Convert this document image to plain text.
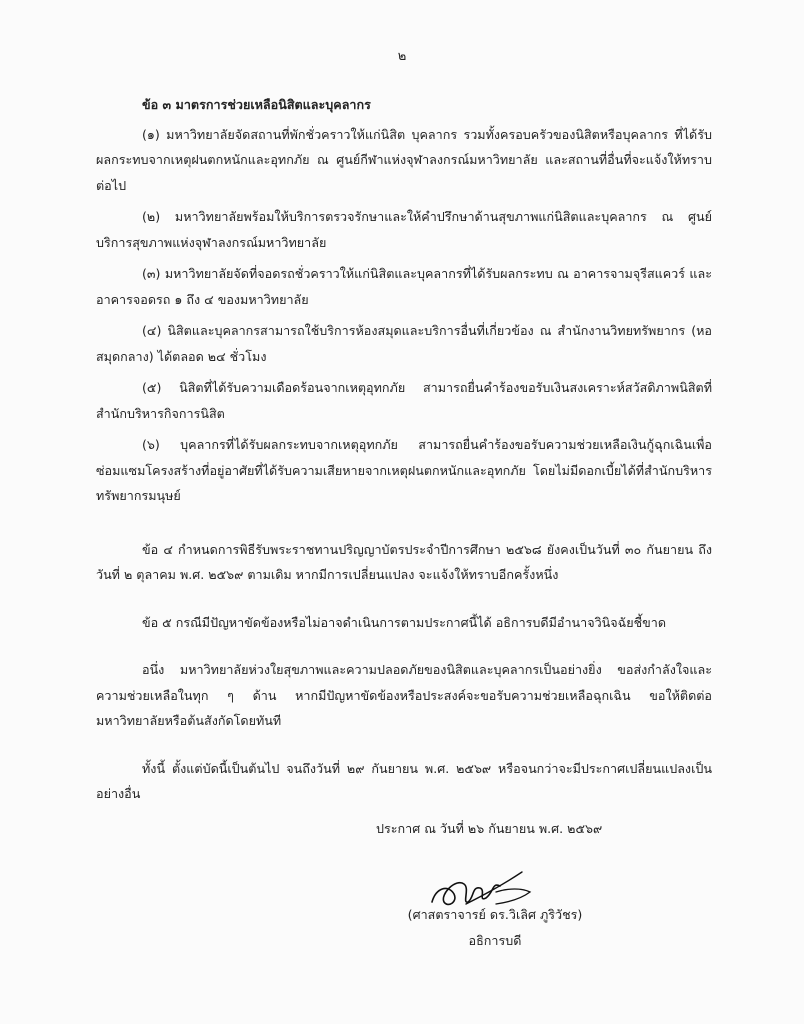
๒
ข้อ ๓ มาตรการช่วยเหลือนิสิตและบุคลากร

(๑) มหาวิทยาลัยจัดสถานที่พักชั่วคราวให้แก่นิสิต บุคลากร รวมทั้งครอบครัวของนิสิตหรือบุคลากร ที่ได้รับผลกระทบจากเหตุฝนตกหนักและอุทกภัย ณ ศูนย์กีฬาแห่งจุฬาลงกรณ์มหาวิทยาลัย และสถานที่อื่นที่จะแจ้งให้ทราบต่อไป

(๒) มหาวิทยาลัยพร้อมให้บริการตรวจรักษาและให้คำปรึกษาด้านสุขภาพแก่นิสิตและบุคลากร ณ ศูนย์บริการสุขภาพแห่งจุฬาลงกรณ์มหาวิทยาลัย

(๓) มหาวิทยาลัยจัดที่จอดรถชั่วคราวให้แก่นิสิตและบุคลากรที่ได้รับผลกระทบ ณ อาคารจามจุรีสแควร์ และอาคารจอดรถ ๑ ถึง ๔ ของมหาวิทยาลัย

(๔) นิสิตและบุคลากรสามารถใช้บริการห้องสมุดและบริการอื่นที่เกี่ยวข้อง ณ สำนักงานวิทยทรัพยากร (หอสมุดกลาง) ได้ตลอด ๒๔ ชั่วโมง

(๕) นิสิตที่ได้รับความเดือดร้อนจากเหตุอุทกภัย สามารถยื่นคำร้องขอรับเงินสงเคราะห์สวัสดิภาพนิสิตที่สำนักบริหารกิจการนิสิต

(๖) บุคลากรที่ได้รับผลกระทบจากเหตุอุทกภัย สามารถยื่นคำร้องขอรับความช่วยเหลือเงินกู้ฉุกเฉินเพื่อซ่อมแซมโครงสร้างที่อยู่อาศัยที่ได้รับความเสียหายจากเหตุฝนตกหนักและอุทกภัย โดยไม่มีดอกเบี้ยได้ที่สำนักบริหารทรัพยากรมนุษย์

ข้อ ๔ กำหนดการพิธีรับพระราชทานปริญญาบัตรประจำปีการศึกษา ๒๕๖๘ ยังคงเป็นวันที่ ๓๐ กันยายน ถึงวันที่ ๒ ตุลาคม พ.ศ. ๒๕๖๙ ตามเดิม หากมีการเปลี่ยนแปลง จะแจ้งให้ทราบอีกครั้งหนึ่ง

ข้อ ๕ กรณีมีปัญหาขัดข้องหรือไม่อาจดำเนินการตามประกาศนี้ได้ อธิการบดีมีอำนาจวินิจฉัยชี้ขาด

อนึ่ง มหาวิทยาลัยห่วงใยสุขภาพและความปลอดภัยของนิสิตและบุคลากรเป็นอย่างยิ่ง ขอส่งกำลังใจและความช่วยเหลือในทุก ๆ ด้าน หากมีปัญหาขัดข้องหรือประสงค์จะขอรับความช่วยเหลือฉุกเฉิน ขอให้ติดต่อมหาวิทยาลัยหรือต้นสังกัดโดยทันที

ทั้งนี้ ตั้งแต่บัดนี้เป็นต้นไป จนถึงวันที่ ๒๙ กันยายน พ.ศ. ๒๕๖๙ หรือจนกว่าจะมีประกาศเปลี่ยนแปลงเป็นอย่างอื่น

ประกาศ ณ วันที่ ๒๖ กันยายน พ.ศ. ๒๕๖๙
(ศาสตราจารย์ ดร.วิเลิศ ภูริวัชร)
อธิการบดี
